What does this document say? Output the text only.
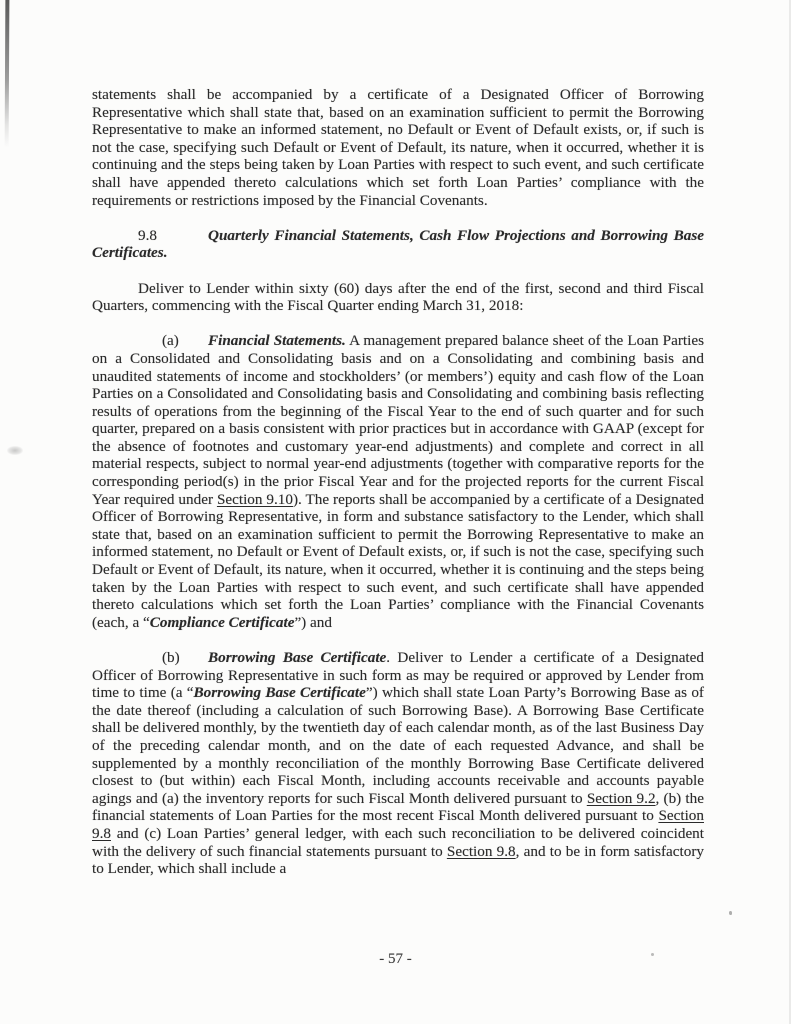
statements shall be accompanied by a certificate of a Designated Officer of Borrowing Representative which shall state that, based on an examination sufficient to permit the Borrowing Representative to make an informed statement, no Default or Event of Default exists, or, if such is not the case, specifying such Default or Event of Default, its nature, when it occurred, whether it is continuing and the steps being taken by Loan Parties with respect to such event, and such certificate shall have appended thereto calculations which set forth Loan Parties’ compliance with the requirements or restrictions imposed by the Financial Covenants.
9.8	Quarterly Financial Statements, Cash Flow Projections and Borrowing Base Certificates.
Deliver to Lender within sixty (60) days after the end of the first, second and third Fiscal Quarters, commencing with the Fiscal Quarter ending March 31, 2018:
(a) Financial Statements. A management prepared balance sheet of the Loan Parties on a Consolidated and Consolidating basis and on a Consolidating and combining basis and unaudited statements of income and stockholders’ (or members’) equity and cash flow of the Loan Parties on a Consolidated and Consolidating basis and Consolidating and combining basis reflecting results of operations from the beginning of the Fiscal Year to the end of such quarter and for such quarter, prepared on a basis consistent with prior practices but in accordance with GAAP (except for the absence of footnotes and customary year-end adjustments) and complete and correct in all material respects, subject to normal year-end adjustments (together with comparative reports for the corresponding period(s) in the prior Fiscal Year and for the projected reports for the current Fiscal Year required under Section 9.10). The reports shall be accompanied by a certificate of a Designated Officer of Borrowing Representative, in form and substance satisfactory to the Lender, which shall state that, based on an examination sufficient to permit the Borrowing Representative to make an informed statement, no Default or Event of Default exists, or, if such is not the case, specifying such Default or Event of Default, its nature, when it occurred, whether it is continuing and the steps being taken by the Loan Parties with respect to such event, and such certificate shall have appended thereto calculations which set forth the Loan Parties’ compliance with the Financial Covenants (each, a “Compliance Certificate”) and
(b) Borrowing Base Certificate. Deliver to Lender a certificate of a Designated Officer of Borrowing Representative in such form as may be required or approved by Lender from time to time (a “Borrowing Base Certificate”) which shall state Loan Party’s Borrowing Base as of the date thereof (including a calculation of such Borrowing Base). A Borrowing Base Certificate shall be delivered monthly, by the twentieth day of each calendar month, as of the last Business Day of the preceding calendar month, and on the date of each requested Advance, and shall be supplemented by a monthly reconciliation of the monthly Borrowing Base Certificate delivered closest to (but within) each Fiscal Month, including accounts receivable and accounts payable agings and (a) the inventory reports for such Fiscal Month delivered pursuant to Section 9.2, (b) the financial statements of Loan Parties for the most recent Fiscal Month delivered pursuant to Section 9.8 and (c) Loan Parties’ general ledger, with each such reconciliation to be delivered coincident with the delivery of such financial statements pursuant to Section 9.8, and to be in form satisfactory to Lender, which shall include a
- 57 -
